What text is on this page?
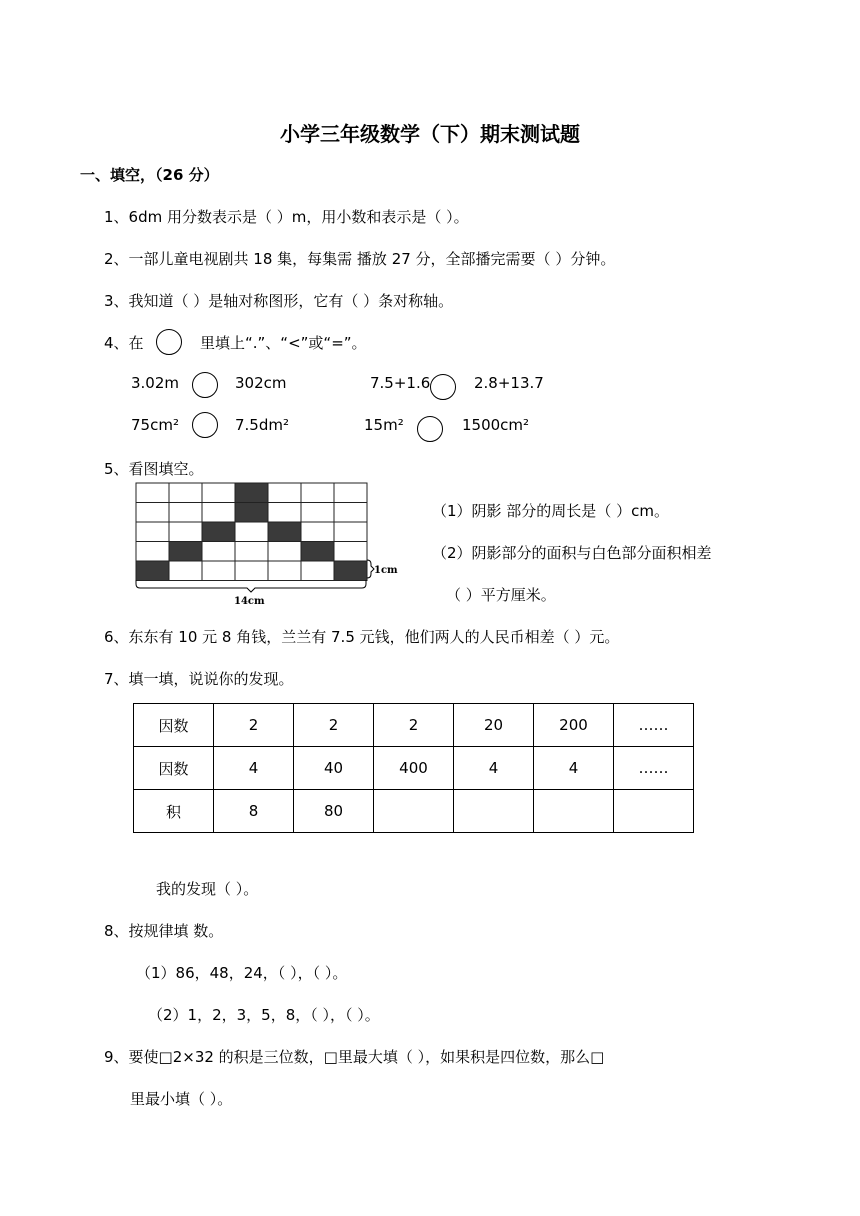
小学三年级数学（下）期末测试题
一、填空，（26 分）
1、6dm 用分数表示是（ ）m，用小数和表示是（ ）。
2、一部儿童电视剧共 18 集，每集需 播放 27 分，全部播完需要（ ）分钟。
3、我知道（ ）是轴对称图形，它有（ ）条对称轴。
4、在	里填上“.”、“<”或“=”。
3.02m	302cm	7.5+1.6	2.8+13.7
75cm²	7.5dm²	15m²	1500cm²
5、看图填空。
14cm
1cm
（1）阴影 部分的周长是（ ）cm。
（2）阴影部分的面积与白色部分面积相差
（ ）平方厘米。
6、东东有 10 元 8 角钱，兰兰有 7.5 元钱，他们两人的人民币相差（ ）元。
7、填一填，说说你的发现。
因数	2	2	2	20	200	……
因数	4	40	400	4	4	……
积	8	80				
我的发现（ ）。
8、按规律填 数。
（1）86，48，24，（ ），（ ）。
（2）1，2，3，5，8，（ ），（ ）。
9、要使□2×32 的积是三位数，□里最大填（ ），如果积是四位数，那么□
里最小填（ ）。
